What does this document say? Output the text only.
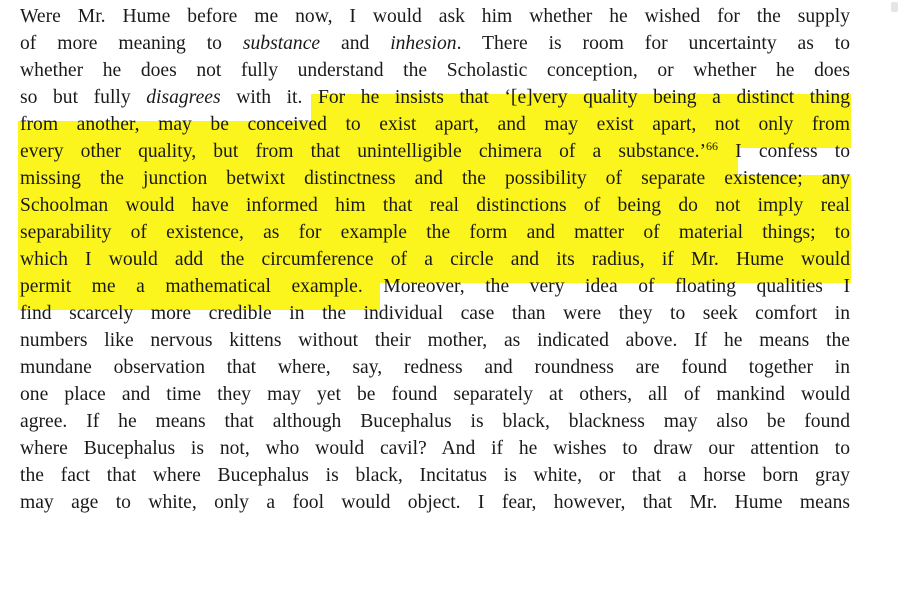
Were Mr. Hume before me now, I would ask him whether he wished for the supply
of more meaning to substance and inhesion. There is room for uncertainty as to
whether he does not fully understand the Scholastic conception, or whether he does
so but fully disagrees with it. For he insists that ‘[e]very quality being a distinct thing
from another, may be conceived to exist apart, and may exist apart, not only from
every other quality, but from that unintelligible chimera of a substance.’$^{66}$ I confess to
missing the junction betwixt distinctness and the possibility of separate existence; any
Schoolman would have informed him that real distinctions of being do not imply real
separability of existence, as for example the form and matter of material things; to
which I would add the circumference of a circle and its radius, if Mr. Hume would
permit me a mathematical example. Moreover, the very idea of floating qualities I
find scarcely more credible in the individual case than were they to seek comfort in
numbers like nervous kittens without their mother, as indicated above. If he means the
mundane observation that where, say, redness and roundness are found together in
one place and time they may yet be found separately at others, all of mankind would
agree. If he means that although Bucephalus is black, blackness may also be found
where Bucephalus is not, who would cavil? And if he wishes to draw our attention to
the fact that where Bucephalus is black, Incitatus is white, or that a horse born gray
may age to white, only a fool would object. I fear, however, that Mr. Hume means
